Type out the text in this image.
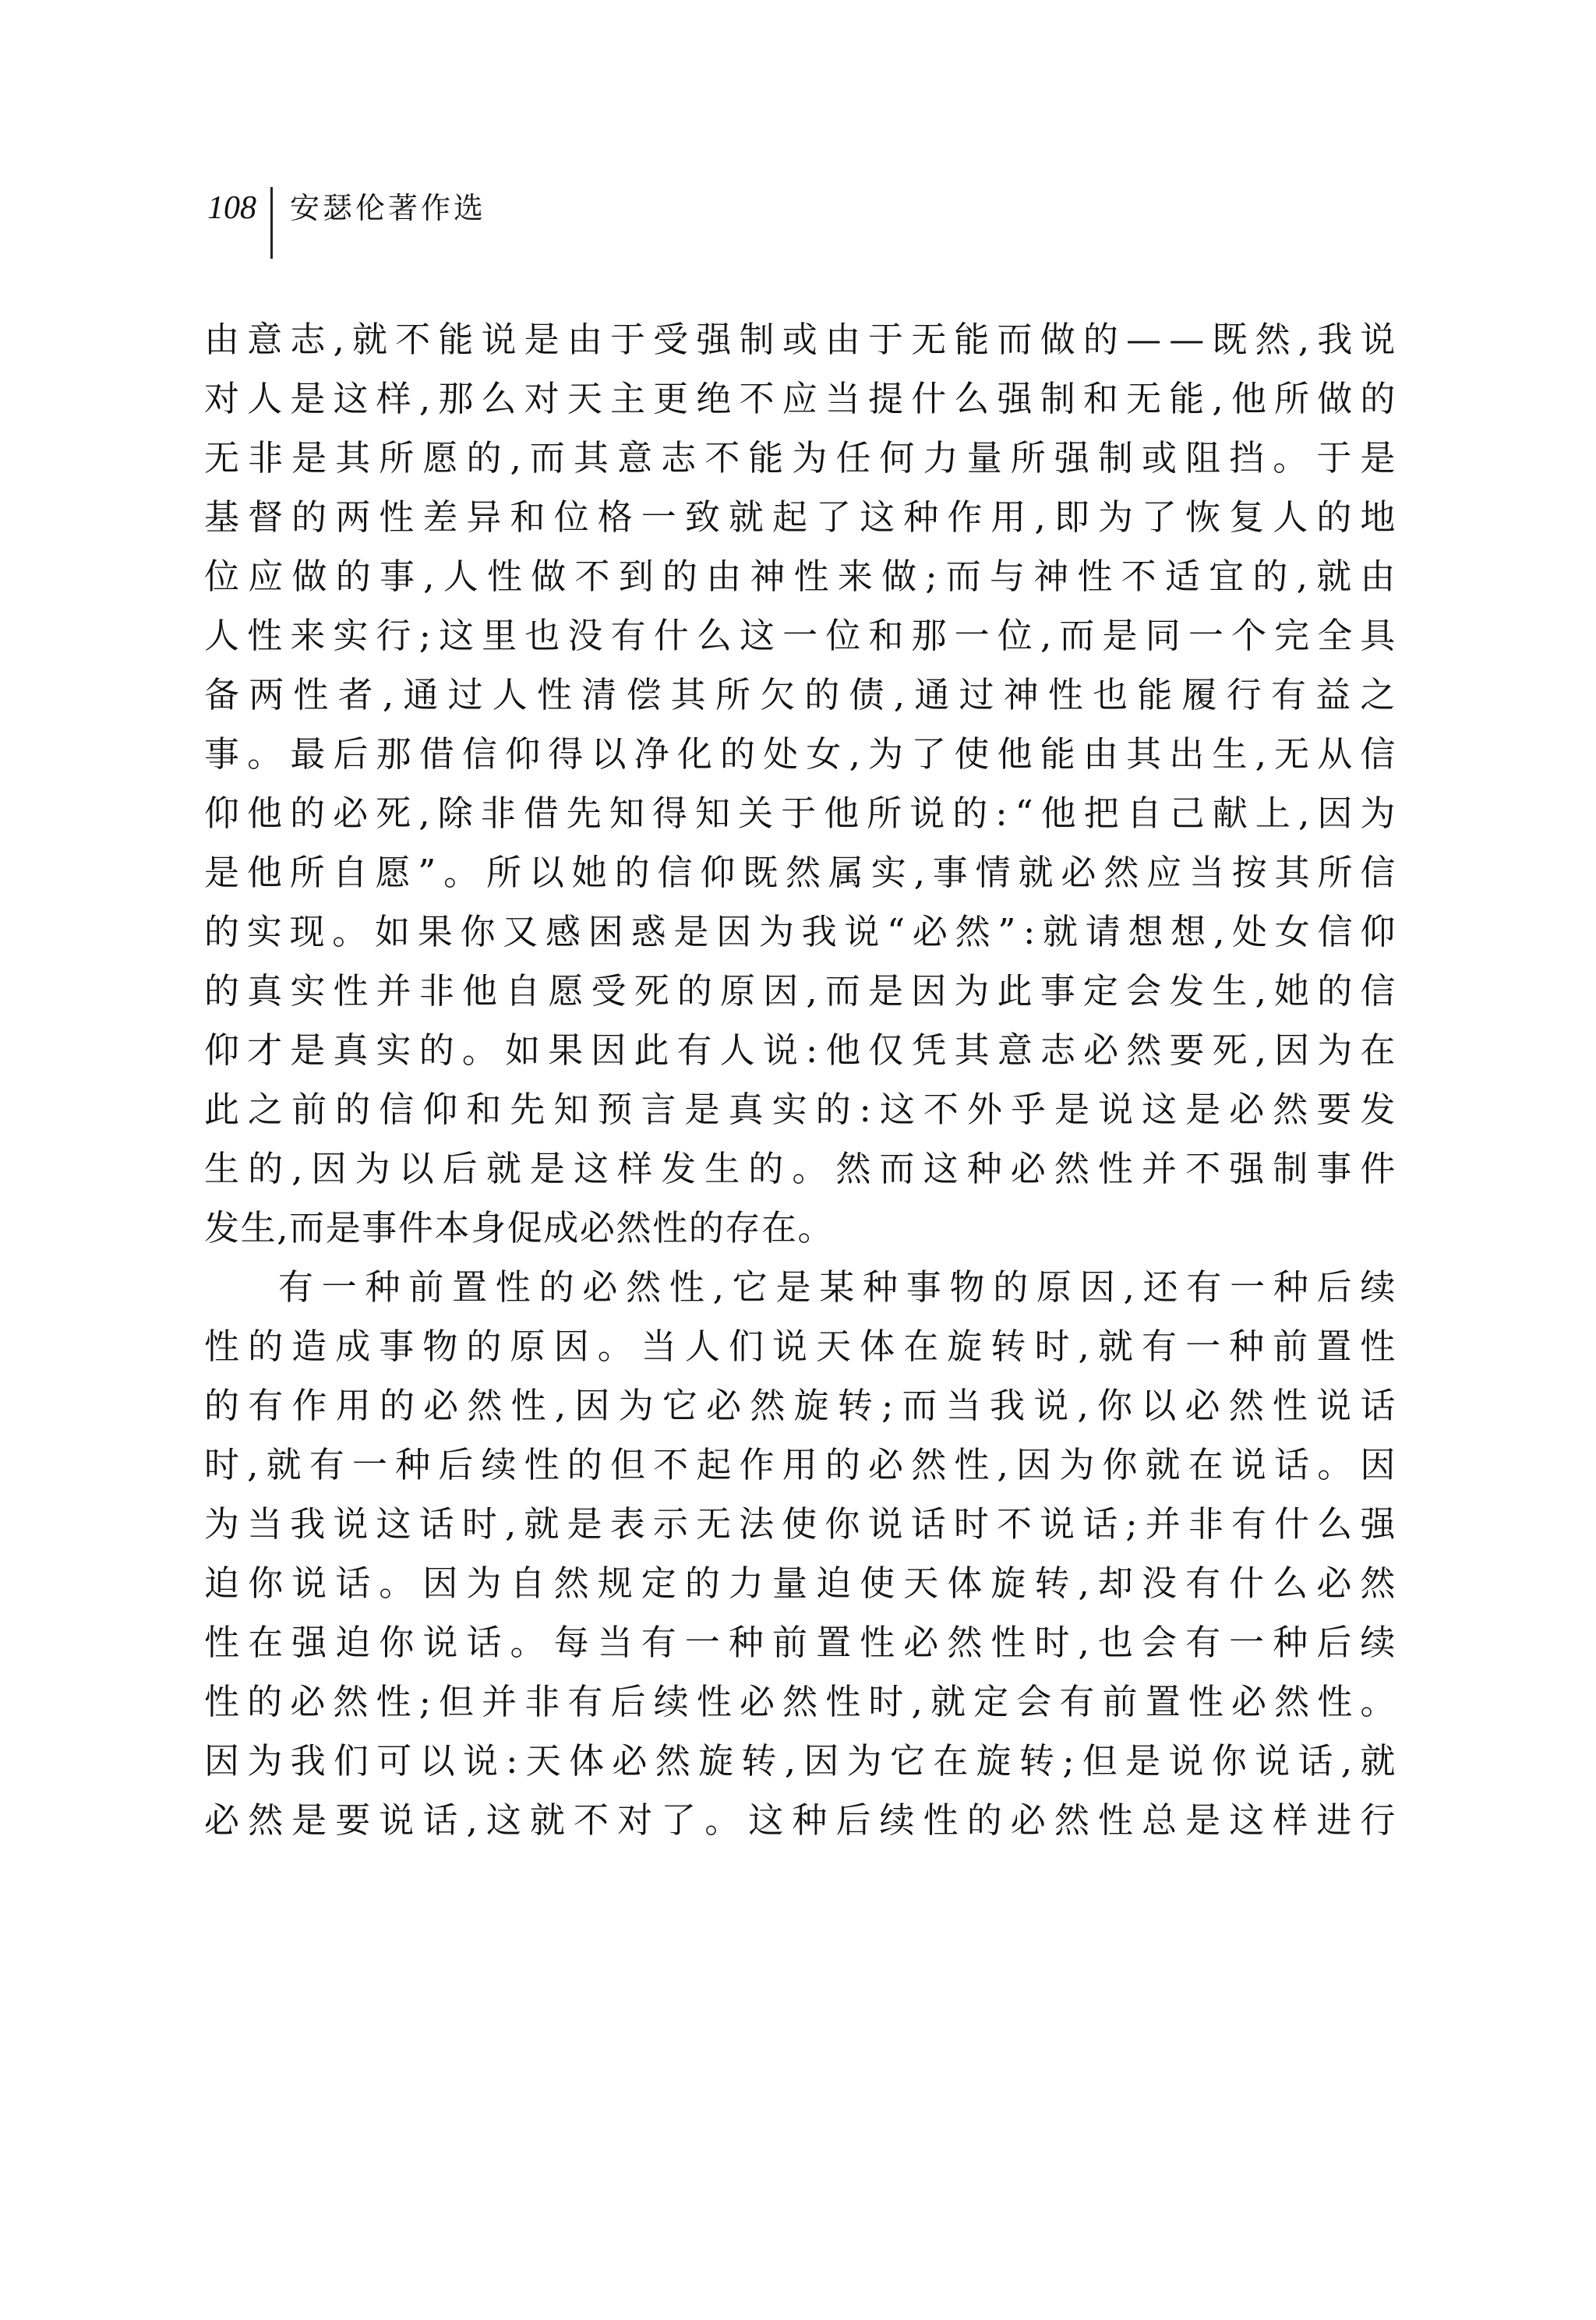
108	安瑟伦著作选
由意志,就不能说是由于受强制或由于无能而做的——既然,我说
对人是这样,那么对天主更绝不应当提什么强制和无能,他所做的
无非是其所愿的,而其意志不能为任何力量所强制或阻挡。于是
基督的两性差异和位格一致就起了这种作用,即为了恢复人的地
位应做的事,人性做不到的由神性来做;而与神性不适宜的,就由
人性来实行;这里也没有什么这一位和那一位,而是同一个完全具
备两性者,通过人性清偿其所欠的债,通过神性也能履行有益之
事。最后那借信仰得以净化的处女,为了使他能由其出生,无从信
仰他的必死,除非借先知得知关于他所说的:“他把自己献上,因为
是他所自愿”。所以她的信仰既然属实,事情就必然应当按其所信
的实现。如果你又感困惑是因为我说“必然”:就请想想,处女信仰
的真实性并非他自愿受死的原因,而是因为此事定会发生,她的信
仰才是真实的。如果因此有人说:他仅凭其意志必然要死,因为在
此之前的信仰和先知预言是真实的:这不外乎是说这是必然要发
生的,因为以后就是这样发生的。然而这种必然性并不强制事件
发生,而是事件本身促成必然性的存在。
有一种前置性的必然性,它是某种事物的原因,还有一种后续
性的造成事物的原因。当人们说天体在旋转时,就有一种前置性
的有作用的必然性,因为它必然旋转;而当我说,你以必然性说话
时,就有一种后续性的但不起作用的必然性,因为你就在说话。因
为当我说这话时,就是表示无法使你说话时不说话;并非有什么强
迫你说话。因为自然规定的力量迫使天体旋转,却没有什么必然
性在强迫你说话。每当有一种前置性必然性时,也会有一种后续
性的必然性;但并非有后续性必然性时,就定会有前置性必然性。
因为我们可以说:天体必然旋转,因为它在旋转;但是说你说话,就
必然是要说话,这就不对了。这种后续性的必然性总是这样进行
